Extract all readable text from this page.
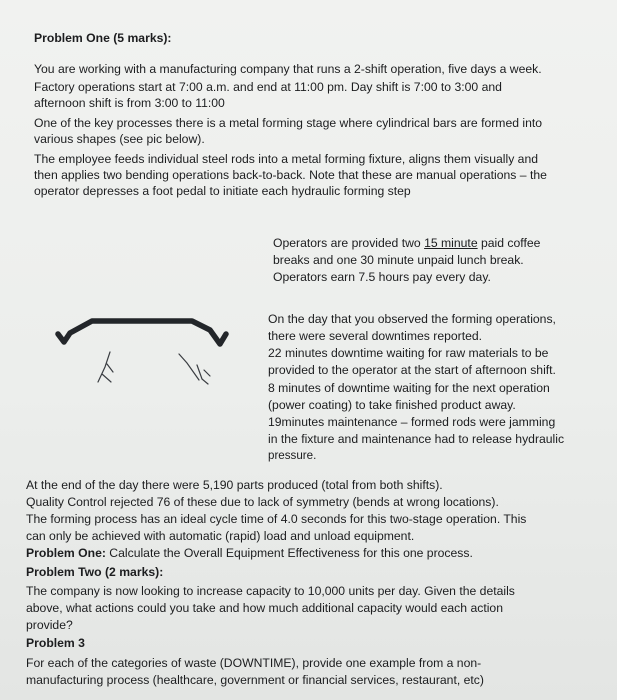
Problem One (5 marks):
You are working with a manufacturing company that runs a 2-shift operation, five days a week.
Factory operations start at 7:00 a.m. and end at 11:00 pm. Day shift is 7:00 to 3:00 and
afternoon shift is from 3:00 to 11:00
One of the key processes there is a metal forming stage where cylindrical bars are formed into
various shapes (see pic below).
The employee feeds individual steel rods into a metal forming fixture, aligns them visually and
then applies two bending operations back-to-back. Note that these are manual operations – the
operator depresses a foot pedal to initiate each hydraulic forming step
Operators are provided two 15 minute paid coffee
breaks and one 30 minute unpaid lunch break.
Operators earn 7.5 hours pay every day.
On the day that you observed the forming operations,
there were several downtimes reported.
22 minutes downtime waiting for raw materials to be
provided to the operator at the start of afternoon shift.
8 minutes of downtime waiting for the next operation
(power coating) to take finished product away.
19minutes maintenance – formed rods were jamming
in the fixture and maintenance had to release hydraulic
pressure.
At the end of the day there were 5,190 parts produced (total from both shifts).
Quality Control rejected 76 of these due to lack of symmetry (bends at wrong locations).
The forming process has an ideal cycle time of 4.0 seconds for this two-stage operation. This
can only be achieved with automatic (rapid) load and unload equipment.
Problem One: Calculate the Overall Equipment Effectiveness for this one process.
Problem Two (2 marks):
The company is now looking to increase capacity to 10,000 units per day. Given the details
above, what actions could you take and how much additional capacity would each action
provide?
Problem 3
For each of the categories of waste (DOWNTIME), provide one example from a non-
manufacturing process (healthcare, government or financial services, restaurant, etc)
